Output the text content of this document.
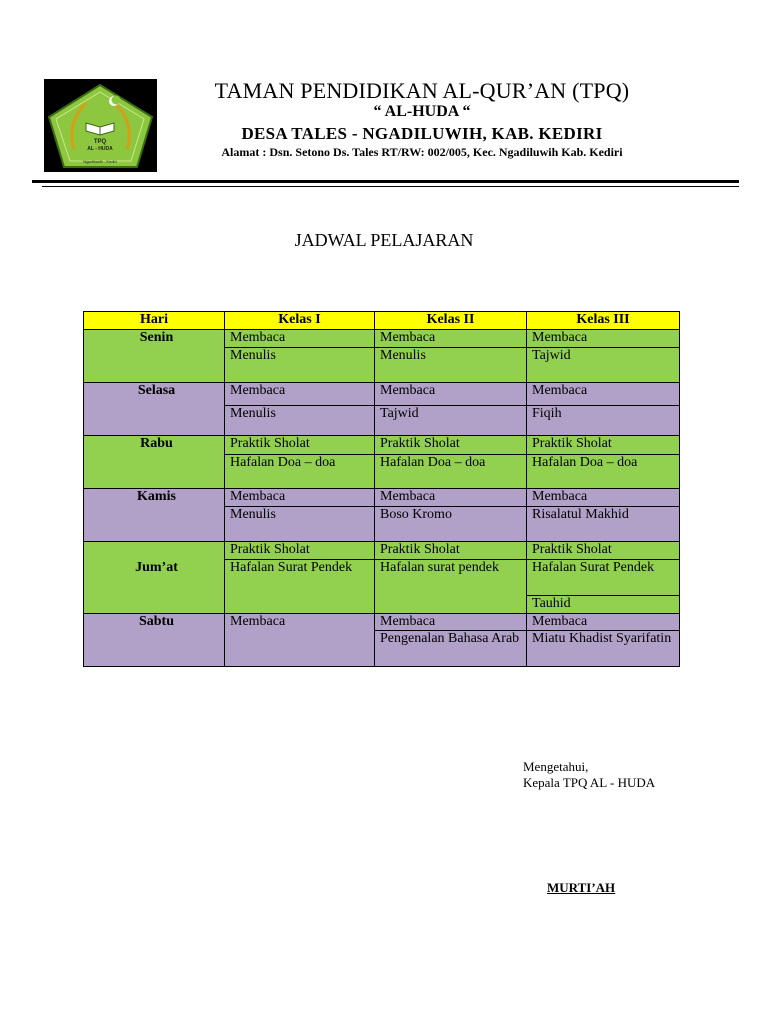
TPQ
AL - HUDA
Ngadiluwih - Kediri
TAMAN PENDIDIKAN AL-QUR’AN (TPQ)
“ AL-HUDA “
DESA TALES - NGADILUWIH, KAB. KEDIRI
Alamat : Dsn. Setono Ds. Tales RT/RW: 002/005, Kec. Ngadiluwih Kab. Kediri
JADWAL PELAJARAN
Hari	Kelas I	Kelas II	Kelas III
Senin	Membaca	Membaca	Membaca
	Menulis	Menulis	Tajwid
Selasa	Membaca	Membaca	Membaca
	Menulis	Tajwid	Fiqih
Rabu	Praktik Sholat	Praktik Sholat	Praktik Sholat
	Hafalan Doa – doa	Hafalan Doa – doa	Hafalan Doa – doa
Kamis	Membaca	Membaca	Membaca
	Menulis	Boso Kromo	Risalatul Makhid
Jum’at	Praktik Sholat	Praktik Sholat	Praktik Sholat
	Hafalan Surat Pendek	Hafalan surat pendek	Hafalan Surat Pendek
			Tauhid
Sabtu	Membaca	Membaca	Membaca
		Pengenalan Bahasa Arab	Miatu Khadist Syarifatin
Mengetahui,
Kepala TPQ AL - HUDA
MURTI’AH
